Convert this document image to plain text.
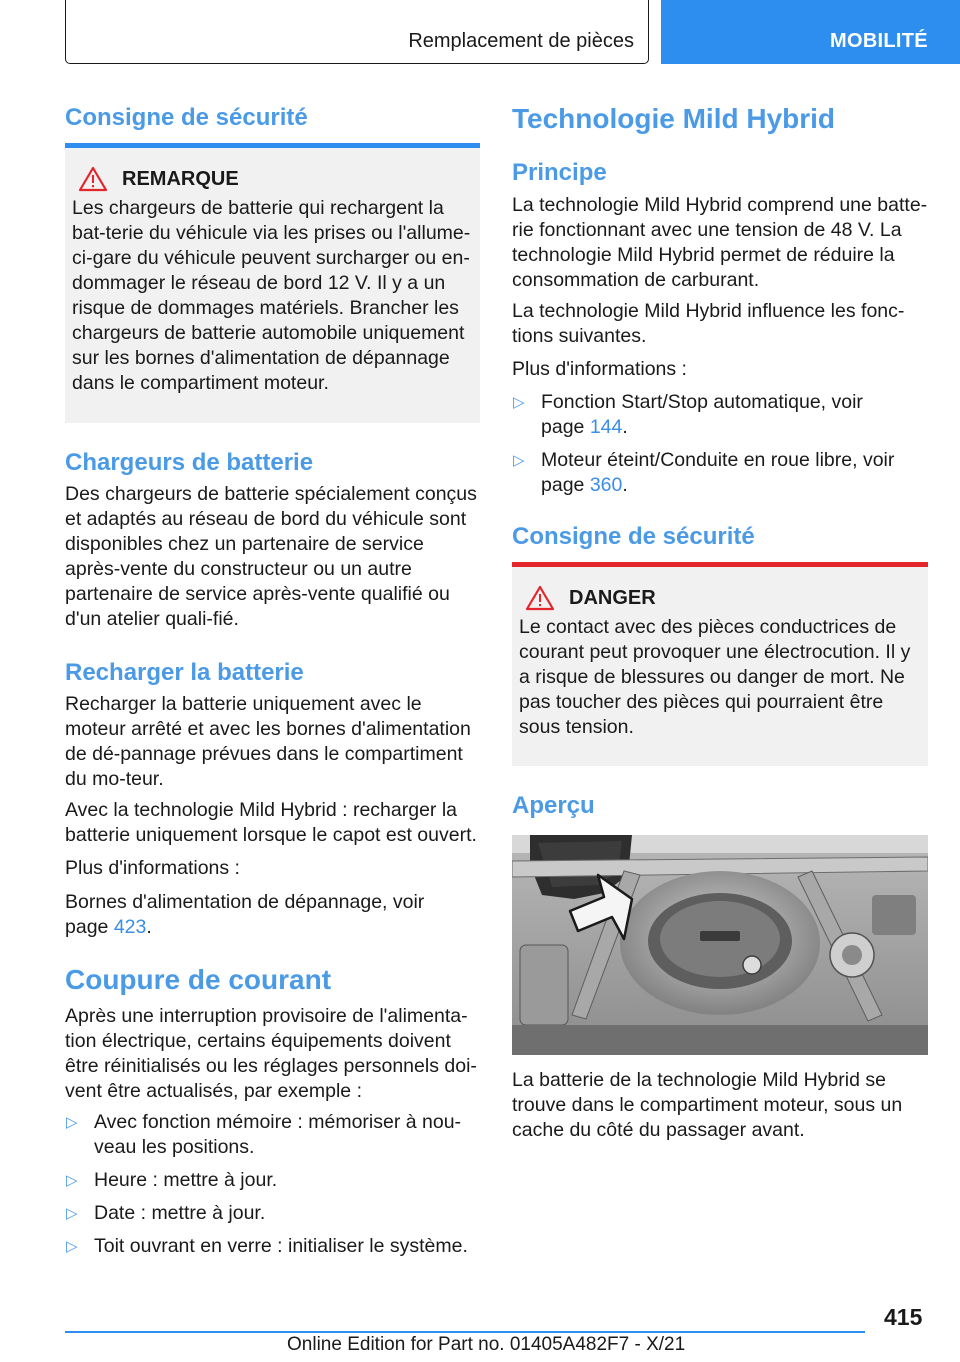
Remplacement de pièces	MOBILITÉ
Consigne de sécurité
REMARQUE

Les chargeurs de batterie qui rechargent la bat-terie du véhicule via les prises ou l'allume-ci-gare du véhicule peuvent surcharger ou en-dommager le réseau de bord 12 V. Il y a un risque de dommages matériels. Brancher les chargeurs de batterie automobile uniquement sur les bornes d'alimentation de dépannage dans le compartiment moteur.

Chargeurs de batterie

Des chargeurs de batterie spécialement conçus et adaptés au réseau de bord du véhicule sont disponibles chez un partenaire de service après-vente du constructeur ou un autre partenaire de service après-vente qualifié ou d'un atelier quali-fié.

Recharger la batterie

Recharger la batterie uniquement avec le moteur arrêté et avec les bornes d'alimentation de dé-pannage prévues dans le compartiment du mo-teur.

Avec la technologie Mild Hybrid : recharger la batterie uniquement lorsque le capot est ouvert.

Plus d'informations :

Bornes d'alimentation de dépannage, voir
page 423.

Coupure de courant

Après une interruption provisoire de l'alimenta-tion électrique, certains équipements doivent être réinitialisés ou les réglages personnels doi-vent être actualisés, par exemple :

▷ Avec fonction mémoire : mémoriser à nou-veau les positions.
▷ Heure : mettre à jour.
▷ Date : mettre à jour.
▷ Toit ouvrant en verre : initialiser le système.
Technologie Mild Hybrid
Principe

La technologie Mild Hybrid comprend une batte-rie fonctionnant avec une tension de 48 V. La technologie Mild Hybrid permet de réduire la consommation de carburant.

La technologie Mild Hybrid influence les fonc-tions suivantes.

Plus d'informations :

▷ Fonction Start/Stop automatique, voir
page 144.
▷ Moteur éteint/Conduite en roue libre, voir
page 360.
Consigne de sécurité
DANGER

Le contact avec des pièces conductrices de courant peut provoquer une électrocution. Il y a risque de blessures ou danger de mort. Ne pas toucher des pièces qui pourraient être sous tension.

Aperçu

La batterie de la technologie Mild Hybrid se trouve dans le compartiment moteur, sous un cache du côté du passager avant.

415
Online Edition for Part no. 01405A482F7 - X/21
